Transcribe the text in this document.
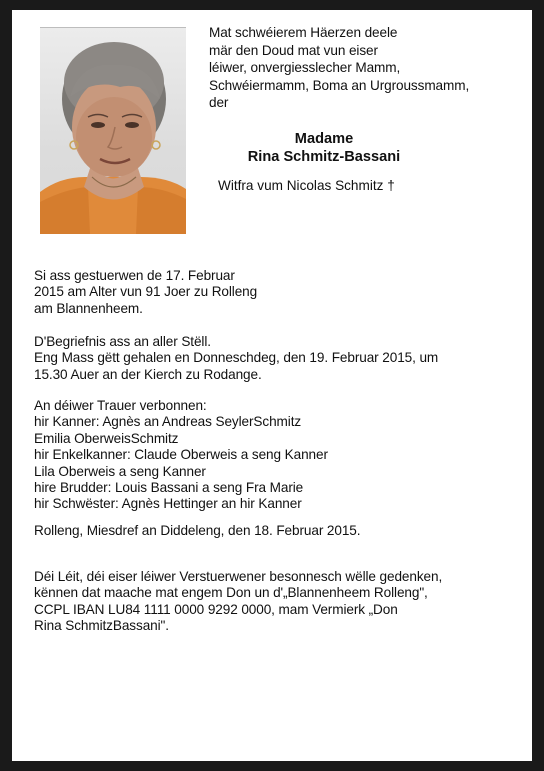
Mat schwéierem Häerzen deele
mär den Doud mat vun eiser
léiwer, onvergiesslecher Mamm,
Schwéiermamm, Boma an Urgroussmamm,
der
Madame
Rina Schmitz-Bassani
Witfra vum Nicolas Schmitz †
Si ass gestuerwen de 17. Februar
2015 am Alter vun 91 Joer zu Rolleng
am Blannenheem.
D'Begriefnis ass an aller Stëll.
Eng Mass gëtt gehalen en Donneschdeg, den 19. Februar 2015, um
15.30 Auer an der Kierch zu Rodange.
An déiwer Trauer verbonnen:
hir Kanner: Agnès an Andreas SeylerSchmitz
Emilia OberweisSchmitz
hir Enkelkanner: Claude Oberweis a seng Kanner
Lila Oberweis a seng Kanner
hire Brudder: Louis Bassani a seng Fra Marie
hir Schwëster: Agnès Hettinger an hir Kanner
Rolleng, Miesdref an Diddeleng, den 18. Februar 2015.
Déi Léit, déi eiser léiwer Verstuerwener besonnesch wëlle gedenken,
kënnen dat maache mat engem Don un d'„Blannenheem Rolleng",
CCPL IBAN LU84 1111 0000 9292 0000, mam Vermierk „Don
Rina SchmitzBassani".
